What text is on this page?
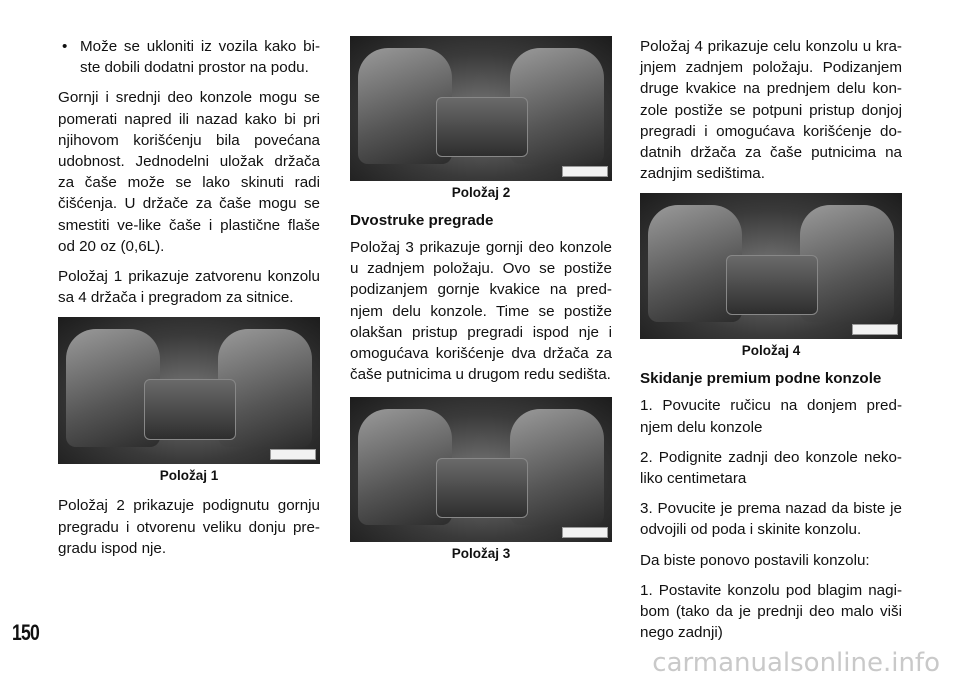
• Može se ukloniti iz vozila kako bi-ste dobili dodatni prostor na podu.

Gornji i srednji deo konzole mogu se pomerati napred ili nazad kako bi pri njihovom korišćenju bila povećana udobnost. Jednodelni uložak držača za čaše može se lako skinuti radi čišćenja. U držače za čaše mogu se smestiti ve-like čaše i plastične flaše od 20 oz (0,6L).

Položaj 1 prikazuje zatvorenu konzolu sa 4 držača i pregradom za sitnice.

Položaj 1

Položaj 2 prikazuje podignutu gornju pregradu i otvorenu veliku donju pre-gradu ispod nje.

Položaj 2
Dvostruke pregrade

Položaj 3 prikazuje gornji deo konzole u zadnjem položaju. Ovo se postiže podizanjem gornje kvakice na pred-njem delu konzole. Time se postiže olakšan pristup pregradi ispod nje i omogućava korišćenje dva držača za čaše putnicima u drugom redu sedišta.

Položaj 3

Položaj 4 prikazuje celu konzolu u kra-jnjem zadnjem položaju. Podizanjem druge kvakice na prednjem delu kon-zole postiže se potpuni pristup donjoj pregradi i omogućava korišćenje do-datnih držača za čaše putnicima na zadnjim sedištima.

Položaj 4
Skidanje premium podne konzole

1. Povucite ručicu na donjem pred-njem delu konzole

2. Podignite zadnji deo konzole neko-liko centimetara

3. Povucite je prema nazad da biste je odvojili od poda i skinite konzolu.

Da biste ponovo postavili konzolu:

1. Postavite konzolu pod blagim nagi-bom (tako da je prednji deo malo viši nego zadnji)

150
carmanualsonline.info
